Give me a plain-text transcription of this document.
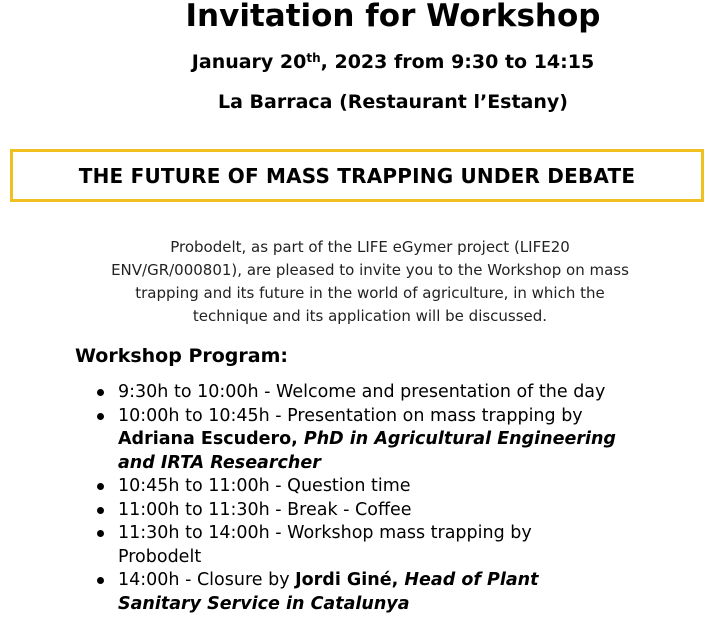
Invitation for Workshop
January 20th, 2023 from 9:30 to 14:15
La Barraca (Restaurant l’Estany)
THE FUTURE OF MASS TRAPPING UNDER DEBATE
Probodelt, as part of the LIFE eGymer project (LIFE20
ENV/GR/000801), are pleased to invite you to the Workshop on mass
trapping and its future in the world of agriculture, in which the
technique and its application will be discussed.
Workshop Program:
9:30h to 10:00h - Welcome and presentation of the day
10:00h to 10:45h - Presentation on mass trapping by
Adriana Escudero, PhD in Agricultural Engineering
and IRTA Researcher
10:45h to 11:00h - Question time
11:00h to 11:30h - Break - Coffee
11:30h to 14:00h - Workshop mass trapping by
Probodelt
14:00h - Closure by Jordi Giné, Head of Plant
Sanitary Service in Catalunya
